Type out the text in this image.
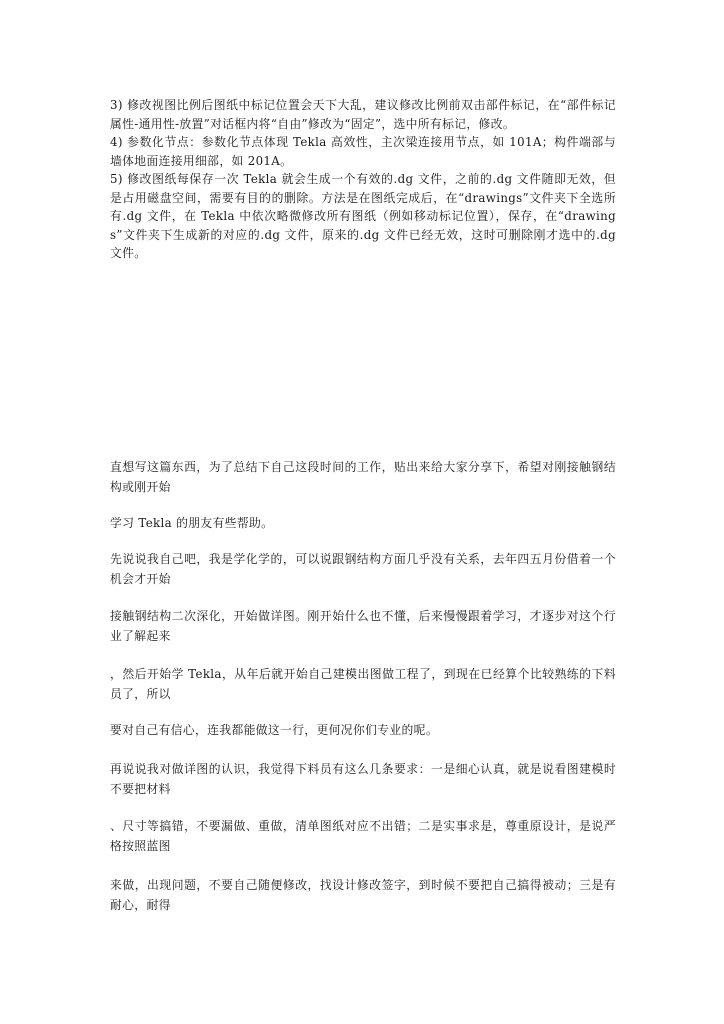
3) 修改视图比例后图纸中标记位置会天下大乱，建议修改比例前双击部件标记，在“部件标记属性-通用性-放置”对话框内将“自由”修改为“固定”，选中所有标记，修改。

4) 参数化节点：参数化节点体现 Tekla 高效性，主次梁连接用节点，如 101A；构件端部与墙体地面连接用细部，如 201A。

5) 修改图纸每保存一次 Tekla 就会生成一个有效的.dg 文件，之前的.dg 文件随即无效，但是占用磁盘空间，需要有目的的删除。方法是在图纸完成后，在“drawings”文件夹下全选所有.dg 文件，在 Tekla 中依次略微修改所有图纸（例如移动标记位置），保存，在“drawings”文件夹下生成新的对应的.dg 文件，原来的.dg 文件已经无效，这时可删除刚才选中的.dg 文件。

直想写这篇东西，为了总结下自己这段时间的工作，贴出来给大家分享下，希望对刚接触钢结构或刚开始

学习 Tekla 的朋友有些帮助。

先说说我自己吧，我是学化学的，可以说跟钢结构方面几乎没有关系，去年四五月份借着一个机会才开始

接触钢结构二次深化，开始做详图。刚开始什么也不懂，后来慢慢跟着学习，才逐步对这个行业了解起来

，然后开始学 Tekla，从年后就开始自己建模出图做工程了，到现在已经算个比较熟练的下料员了，所以

要对自己有信心，连我都能做这一行，更何况你们专业的呢。

再说说我对做详图的认识，我觉得下料员有这么几条要求：一是细心认真，就是说看图建模时不要把材料

、尺寸等搞错，不要漏做、重做，清单图纸对应不出错；二是实事求是，尊重原设计，是说严格按照蓝图

来做，出现问题，不要自己随便修改，找设计修改签字，到时候不要把自己搞得被动；三是有耐心，耐得
